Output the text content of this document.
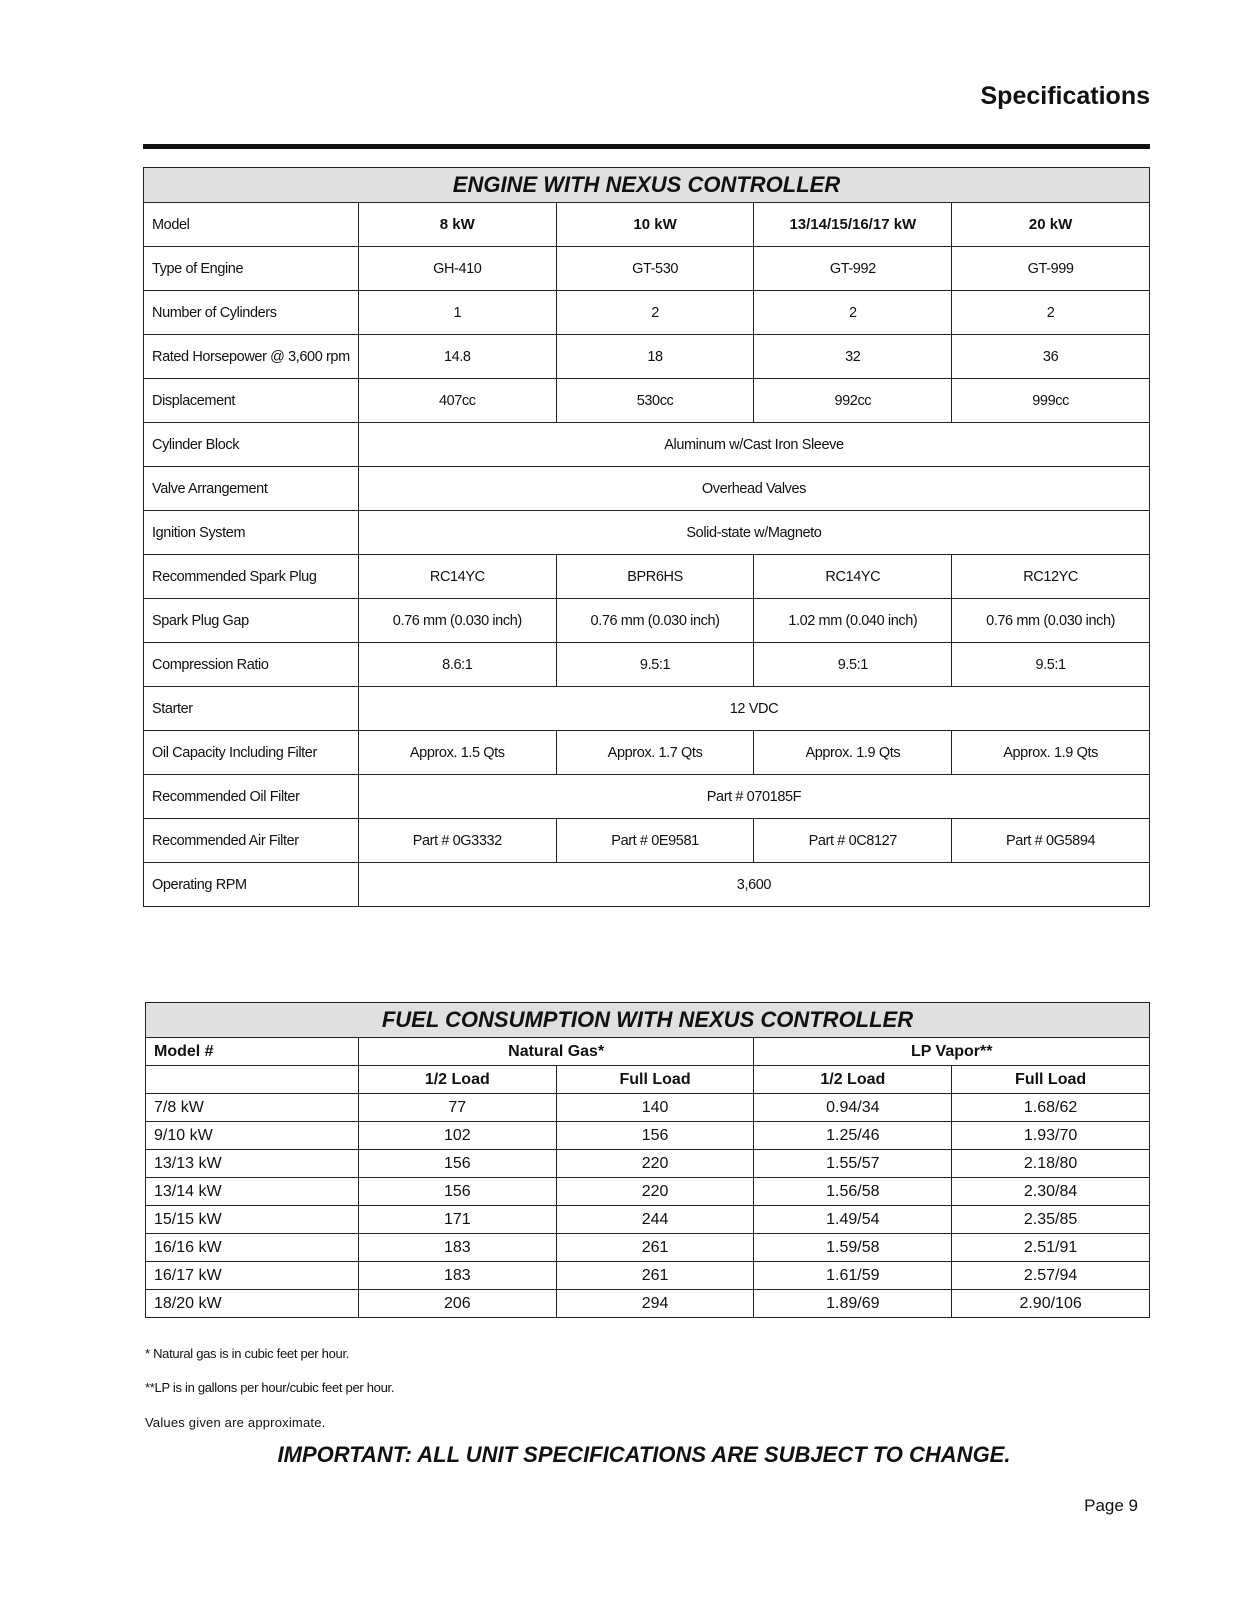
Specifications
ENGINE WITH NEXUS CONTROLLER				
Model	8 kW	10 kW	13/14/15/16/17 kW	20 kW
Type of Engine	GH-410	GT-530	GT-992	GT-999
Number of Cylinders	1	2	2	2
Rated Horsepower @ 3,600 rpm	14.8	18	32	36
Displacement	407cc	530cc	992cc	999cc
Cylinder Block	Aluminum w/Cast Iron Sleeve			
Valve Arrangement	Overhead Valves			
Ignition System	Solid-state w/Magneto			
Recommended Spark Plug	RC14YC	BPR6HS	RC14YC	RC12YC
Spark Plug Gap	0.76 mm (0.030 inch)	0.76 mm (0.030 inch)	1.02 mm (0.040 inch)	0.76 mm (0.030 inch)
Compression Ratio	8.6:1	9.5:1	9.5:1	9.5:1
Starter	12 VDC			
Oil Capacity Including Filter	Approx. 1.5 Qts	Approx. 1.7 Qts	Approx. 1.9 Qts	Approx. 1.9 Qts
Recommended Oil Filter	Part # 070185F			
Recommended Air Filter	Part # 0G3332	Part # 0E9581	Part # 0C8127	Part # 0G5894
Operating RPM	3,600			
FUEL CONSUMPTION WITH NEXUS CONTROLLER				
Model #	Natural Gas*		LP Vapor**	
	1/2 Load	Full Load	1/2 Load	Full Load
7/8 kW	77	140	0.94/34	1.68/62
9/10 kW	102	156	1.25/46	1.93/70
13/13 kW	156	220	1.55/57	2.18/80
13/14 kW	156	220	1.56/58	2.30/84
15/15 kW	171	244	1.49/54	2.35/85
16/16 kW	183	261	1.59/58	2.51/91
16/17 kW	183	261	1.61/59	2.57/94
18/20 kW	206	294	1.89/69	2.90/106
* Natural gas is in cubic feet per hour.
**LP is in gallons per hour/cubic feet per hour.
Values given are approximate.
IMPORTANT: ALL UNIT SPECIFICATIONS ARE SUBJECT TO CHANGE.
Page 9
